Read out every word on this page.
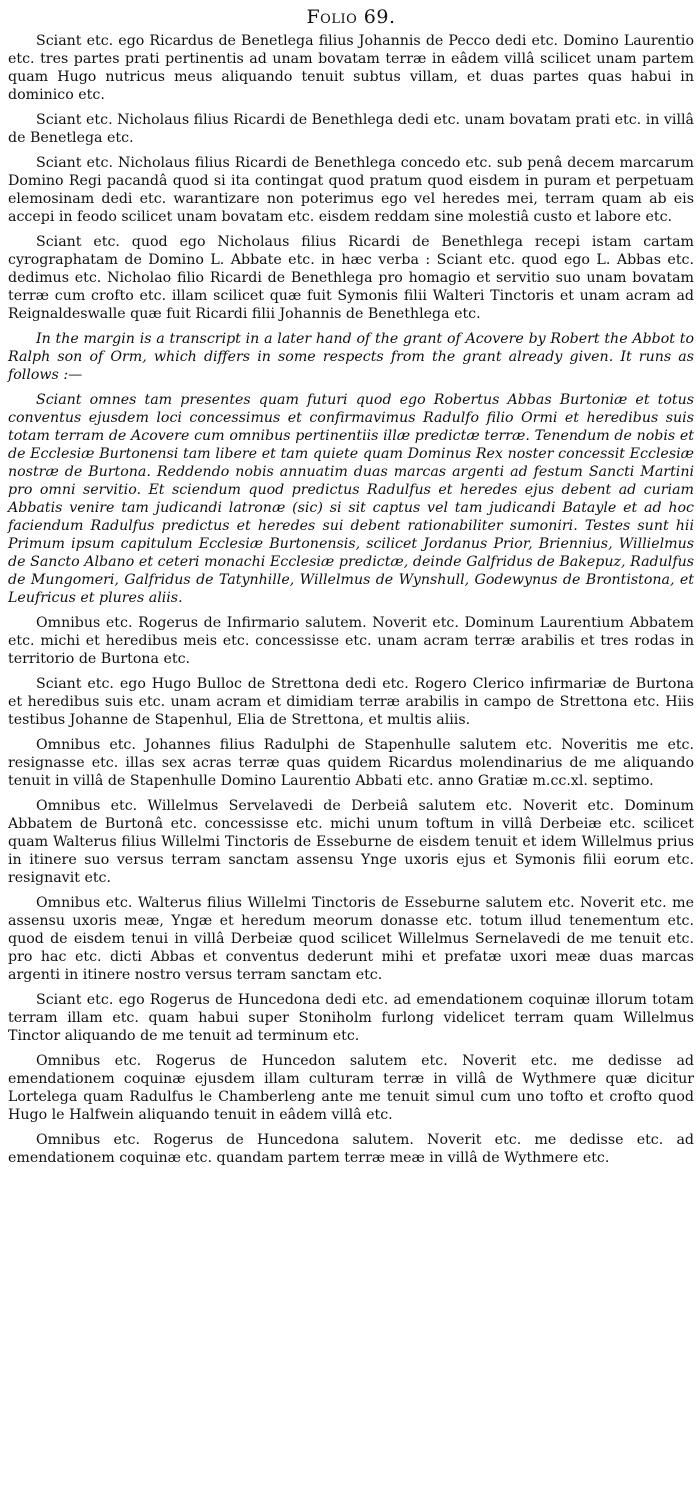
Folio 69.

Sciant etc. ego Ricardus de Benetlega filius Johannis de Pecco dedi etc. Domino Laurentio etc. tres partes prati pertinentis ad unam bovatam terræ in eâdem villâ scilicet unam partem quam Hugo nutricus meus aliquando tenuit subtus villam, et duas partes quas habui in dominico etc.

Sciant etc. Nicholaus filius Ricardi de Benethlega dedi etc. unam bovatam prati etc. in villâ de Benetlega etc.

Sciant etc. Nicholaus filius Ricardi de Benethlega concedo etc. sub penâ decem marcarum Domino Regi pacandâ quod si ita contingat quod pratum quod eisdem in puram et perpetuam elemosinam dedi etc. warantizare non poterimus ego vel heredes mei, terram quam ab eis accepi in feodo scilicet unam bovatam etc. eisdem reddam sine molestiâ custo et labore etc.

Sciant etc. quod ego Nicholaus filius Ricardi de Benethlega recepi istam cartam cyrographatam de Domino L. Abbate etc. in hæc verba : Sciant etc. quod ego L. Abbas etc. dedimus etc. Nicholao filio Ricardi de Benethlega pro homagio et servitio suo unam bovatam terræ cum crofto etc. illam scilicet quæ fuit Symonis filii Walteri Tinctoris et unam acram ad Reignaldeswalle quæ fuit Ricardi filii Johannis de Benethlega etc.

In the margin is a transcript in a later hand of the grant of Acovere by Robert the Abbot to Ralph son of Orm, which differs in some respects from the grant already given. It runs as follows :—

Sciant omnes tam presentes quam futuri quod ego Robertus Abbas Burtoniæ et totus conventus ejusdem loci concessimus et confirmavimus Radulfo filio Ormi et heredibus suis totam terram de Acovere cum omnibus pertinentiis illæ predictæ terræ. Tenendum de nobis et de Ecclesiæ Burtonensi tam libere et tam quiete quam Dominus Rex noster concessit Ecclesiæ nostræ de Burtona. Reddendo nobis annuatim duas marcas argenti ad festum Sancti Martini pro omni servitio. Et sciendum quod predictus Radulfus et heredes ejus debent ad curiam Abbatis venire tam judicandi latronæ (sic) si sit captus vel tam judicandi Batayle et ad hoc faciendum Radulfus predictus et heredes sui debent rationabiliter sumoniri. Testes sunt hii Primum ipsum capitulum Ecclesiæ Burtonensis, scilicet Jordanus Prior, Briennius, Willielmus de Sancto Albano et ceteri monachi Ecclesiæ predictæ, deinde Galfridus de Bakepuz, Radulfus de Mungomeri, Galfridus de Tatynhille, Willelmus de Wynshull, Godewynus de Brontistona, et Leufricus et plures aliis.

Omnibus etc. Rogerus de Infirmario salutem. Noverit etc. Dominum Laurentium Abbatem etc. michi et heredibus meis etc. concessisse etc. unam acram terræ arabilis et tres rodas in territorio de Burtona etc.

Sciant etc. ego Hugo Bulloc de Strettona dedi etc. Rogero Clerico infirmariæ de Burtona et heredibus suis etc. unam acram et dimidiam terræ arabilis in campo de Strettona etc. Hiis testibus Johanne de Stapenhul, Elia de Strettona, et multis aliis.

Omnibus etc. Johannes filius Radulphi de Stapenhulle salutem etc. Noveritis me etc. resignasse etc. illas sex acras terræ quas quidem Ricardus molendinarius de me aliquando tenuit in villâ de Stapenhulle Domino Laurentio Abbati etc. anno Gratiæ m.cc.xl. septimo.

Omnibus etc. Willelmus Servelavedi de Derbeiâ salutem etc. Noverit etc. Dominum Abbatem de Burtonâ etc. concessisse etc. michi unum toftum in villâ Derbeiæ etc. scilicet quam Walterus filius Willelmi Tinctoris de Esseburne de eisdem tenuit et idem Willelmus prius in itinere suo versus terram sanctam assensu Ynge uxoris ejus et Symonis filii eorum etc. resignavit etc.

Omnibus etc. Walterus filius Willelmi Tinctoris de Esseburne salutem etc. Noverit etc. me assensu uxoris meæ, Yngæ et heredum meorum donasse etc. totum illud tenementum etc. quod de eisdem tenui in villâ Derbeiæ quod scilicet Willelmus Sernelavedi de me tenuit etc. pro hac etc. dicti Abbas et conventus dederunt mihi et prefatæ uxori meæ duas marcas argenti in itinere nostro versus terram sanctam etc.

Sciant etc. ego Rogerus de Huncedona dedi etc. ad emendationem coquinæ illorum totam terram illam etc. quam habui super Stoniholm furlong videlicet terram quam Willelmus Tinctor aliquando de me tenuit ad terminum etc.

Omnibus etc. Rogerus de Huncedon salutem etc. Noverit etc. me dedisse ad emendationem coquinæ ejusdem illam culturam terræ in villâ de Wythmere quæ dicitur Lortelega quam Radulfus le Chamberleng ante me tenuit simul cum uno tofto et crofto quod Hugo le Halfwein aliquando tenuit in eâdem villâ etc.

Omnibus etc. Rogerus de Huncedona salutem. Noverit etc. me dedisse etc. ad emendationem coquinæ etc. quandam partem terræ meæ in villâ de Wythmere etc.
